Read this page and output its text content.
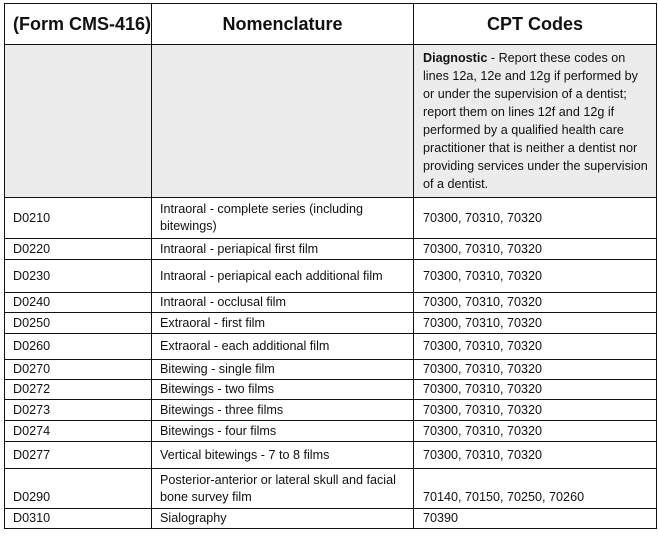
(Form CMS-416)	Nomenclature	CPT Codes
		Diagnostic - Report these codes on lines 12a, 12e and 12g if performed by or under the supervision of a dentist; report them on lines 12f and 12g if performed by a qualified health care practitioner that is neither a dentist nor providing services under the supervision of a dentist.
D0210	Intraoral - complete series (including bitewings)	70300, 70310, 70320
D0220	Intraoral - periapical first film	70300, 70310, 70320
D0230	Intraoral - periapical each additional film	70300, 70310, 70320
D0240	Intraoral - occlusal film	70300, 70310, 70320
D0250	Extraoral - first film	70300, 70310, 70320
D0260	Extraoral - each additional film	70300, 70310, 70320
D0270	Bitewing - single film	70300, 70310, 70320
D0272	Bitewings - two films	70300, 70310, 70320
D0273	Bitewings - three films	70300, 70310, 70320
D0274	Bitewings - four films	70300, 70310, 70320
D0277	Vertical bitewings - 7 to 8 films	70300, 70310, 70320
D0290	Posterior-anterior or lateral skull and facial bone survey film	70140, 70150, 70250, 70260
D0310	Sialography	70390
